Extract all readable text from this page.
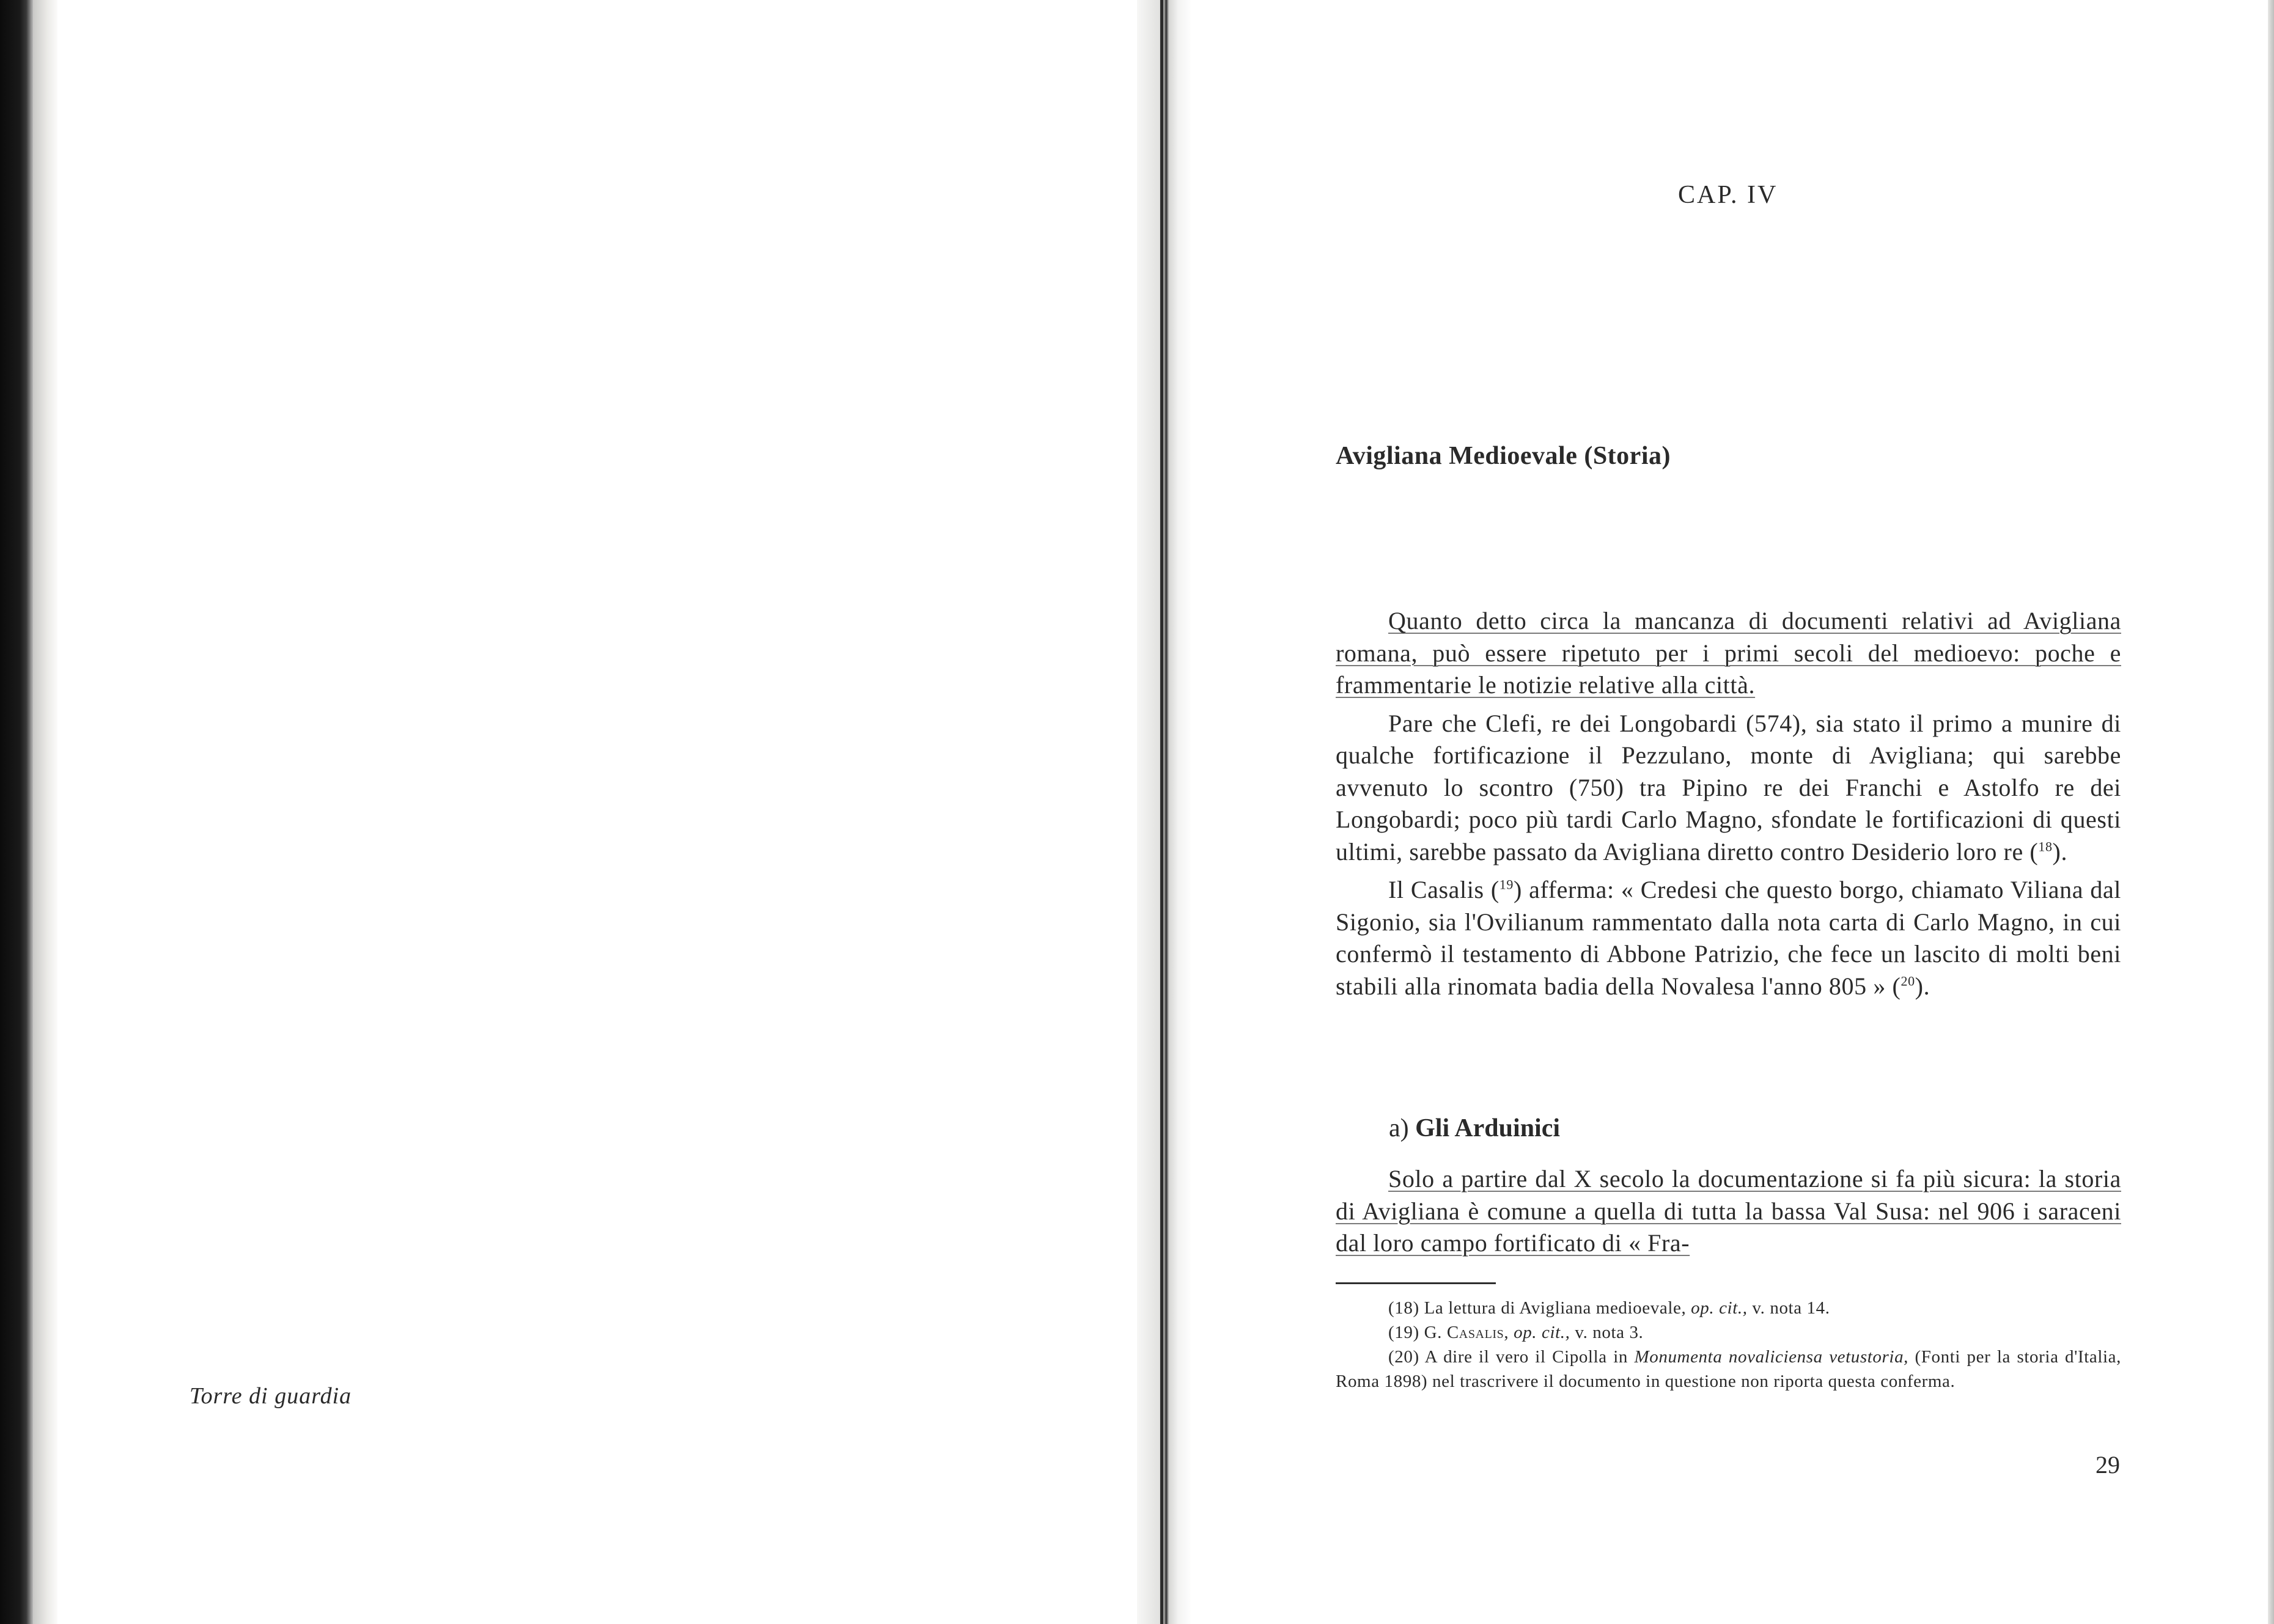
Torre di guardia
CAP. IV
Avigliana Medioevale (Storia)

Quanto detto circa la mancanza di documenti relativi ad Avigliana romana, può essere ripetuto per i primi secoli del medioevo: poche e frammentarie le notizie relative alla città.

Pare che Clefi, re dei Longobardi (574), sia stato il primo a munire di qualche fortificazione il Pezzulano, monte di Avigliana; qui sarebbe avvenuto lo scontro (750) tra Pipino re dei Franchi e Astolfo re dei Longobardi; poco più tardi Carlo Magno, sfondate le fortificazioni di questi ultimi, sarebbe passato da Avigliana diretto contro Desiderio loro re ($^{18}$).

Il Casalis ($^{19}$) affermа: « Credesi che questo borgo, chiamato Viliana dal Sigonio, sia l'Ovilianum rammentato dalla nota carta di Carlo Magno, in cui confermò il testamento di Abbone Patrizio, che fece un lascito di molti beni stabili alla rinomata badia della Novalesa l'anno 805 » ($^{20}$).

a) Gli Arduinici

Solo a partire dal X secolo la documentazione si fa più sicura: la storia di Avigliana è comune a quella di tutta la bassa Val Susa: nel 906 i saraceni dal loro campo fortificato di « Fra-

(18) La lettura di Avigliana medioevale, op. cit., v. nota 14.

(19) G. Casalis, op. cit., v. nota 3.

(20) A dire il vero il Cipolla in Monumenta novaliciensa vetustoria, (Fonti per la storia d'Italia, Roma 1898) nel trascrivere il documento in questione non riporta questa conferma.

29
